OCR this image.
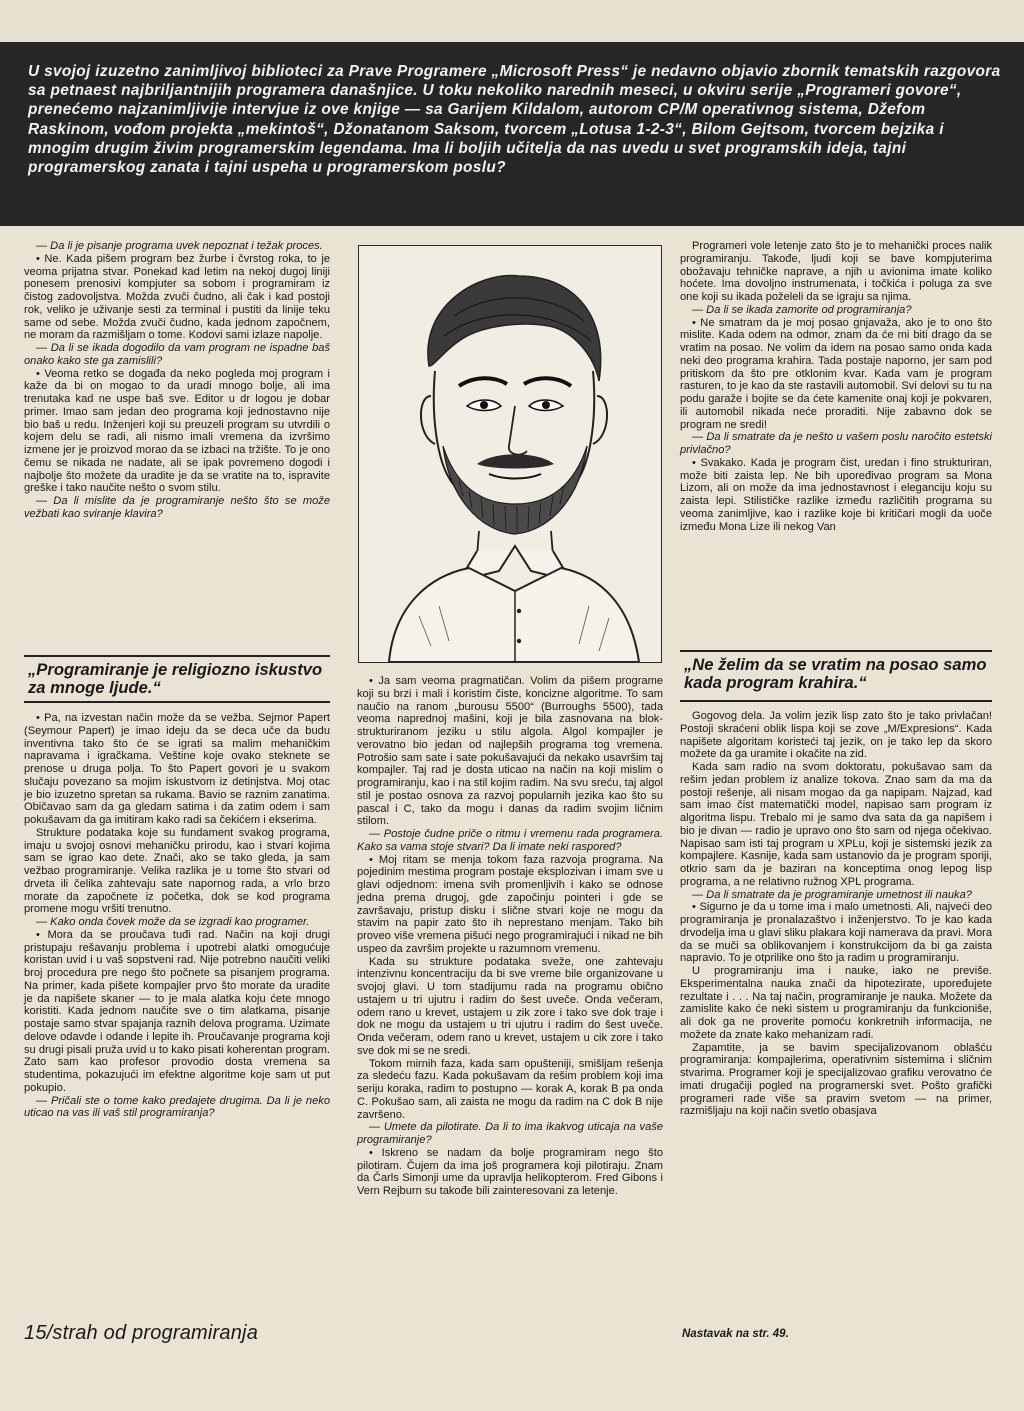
U svojoj izuzetno zanimljivoj biblioteci za Prave Programere „Microsoft Press“ je nedavno objavio zbornik tematskih razgovora sa petnaest najbriljantnijih programera današnjice. U toku nekoliko narednih meseci, u okviru serije „Programeri govore“, prenećemo najzanimljivije intervjue iz ove knjige — sa Garijem Kildalom, autorom CP/M operativnog sistema, Džefom Raskinom, vođom projekta „mekintoš“, Džonatanom Saksom, tvorcem „Lotusa 1-2-3“, Bilom Gejtsom, tvorcem bejzika i mnogim drugim živim programerskim legendama. Ima li boljih učitelja da nas uvedu u svet programskih ideja, tajni programerskog zanata i tajni uspeha u programerskom poslu?

— Da li je pisanje programa uvek nepoznat i težak proces.

• Ne. Kada pišem program bez žurbe i čvrstog roka, to je veoma prijatna stvar. Ponekad kad letim na nekoj dugoj liniji ponesem prenosivi kompjuter sa sobom i programiram iz čistog zadovoljstva. Možda zvuči čudno, ali čak i kad postoji rok, veliko je uživanje sesti za terminal i pustiti da linije teku same od sebe. Možda zvuči čudno, kada jednom započnem, ne moram da razmišljam o tome. Kodovi sami izlaze napolje.

— Da li se ikada dogodilo da vam program ne ispadne baš onako kako ste ga zamislili?

• Veoma retko se događa da neko pogleda moj program i kaže da bi on mogao to da uradi mnogo bolje, ali ima trenutaka kad ne uspe baš sve. Editor u dr logou je dobar primer. Imao sam jedan deo programa koji jednostavno nije bio baš u redu. Inženjeri koji su preuzeli program su utvrdili o kojem delu se radi, ali nismo imali vremena da izvršimo izmene jer je proizvod morao da se izbaci na tržište. To je ono čemu se nikada ne nadate, ali se ipak povremeno dogodi i najbolje što možete da uradite je da se vratite na to, ispravite greške i tako naučite nešto o svom stilu.

— Da li mislite da je programiranje nešto što se može vežbati kao sviranje klavira?

„Programiranje je religiozno iskustvo za mnoge ljude.“

• Pa, na izvestan način može da se vežba. Sejmor Papert (Seymour Papert) je imao ideju da se deca uče da budu inventivna tako što će se igrati sa malim mehaničkim napravama i igračkama. Veštine koje ovako steknete se prenose u druga polja. To što Papert govori je u svakom slučaju povezano sa mojim iskustvom iz detinjstva. Moj otac je bio izuzetno spretan sa rukama. Bavio se raznim zanatima. Običavao sam da ga gledam satima i da zatim odem i sam pokušavam da ga imitiram kako radi sa čekićem i ekserima.

Strukture podataka koje su fundament svakog programa, imaju u svojoj osnovi mehaničku prirodu, kao i stvari kojima sam se igrao kao dete. Znači, ako se tako gleda, ja sam vežbao programiranje. Velika razlika je u tome što stvari od drveta ili čelika zahtevaju sate napornog rada, a vrlo brzo morate da započnete iz početka, dok se kod programa promene mogu vršiti trenutno.

— Kako onda čovek može da se izgradi kao programer.

• Mora da se proučava tuđi rad. Način na koji drugi pristupaju rešavanju problema i upotrebi alatki omogućuje koristan uvid i u vaš sopstveni rad. Nije potrebno naučiti veliki broj procedura pre nego što počnete sa pisanjem programa. Na primer, kada pišete kompajler prvo što morate da uradite je da napišete skaner — to je mala alatka koju ćete mnogo koristiti. Kada jednom naučite sve o tim alatkama, pisanje postaje samo stvar spajanja raznih delova programa. Uzimate delove odavde i odande i lepite ih. Proučavanje programa koji su drugi pisali pruža uvid u to kako pisati koherentan program. Zato sam kao profesor provodio dosta vremena sa studentima, pokazujući im efektne algoritme koje sam ut put pokupio.

— Pričali ste o tome kako predajete drugima. Da li je neko uticao na vas ili vaš stil programiranja?

• Ja sam veoma pragmatičan. Volim da pišem programe koji su brzi i mali i koristim čiste, koncizne algoritme. To sam naučio na ranom „burousu 5500“ (Burroughs 5500), tada veoma naprednoj mašini, koji je bila zasnovana na blok-strukturiranom jeziku u stilu algola. Algol kompajler je verovatno bio jedan od najlepših programa tog vremena. Potrošio sam sate i sate pokušavajući da nekako usavršim taj kompajler. Taj rad je dosta uticao na način na koji mislim o programiranju, kao i na stil kojim radim. Na svu sreću, taj algol stil je postao osnova za razvoj popularnih jezika kao što su pascal i C, tako da mogu i danas da radim svojim ličnim stilom.

— Postoje čudne priče o ritmu i vremenu rada programera. Kako sa vama stoje stvari? Da li imate neki raspored?

• Moj ritam se menja tokom faza razvoja programa. Na pojedinim mestima program postaje eksplozivan i imam sve u glavi odjednom: imena svih promenljivih i kako se odnose jedna prema drugoj, gde započinju pointeri i gde se završavaju, pristup disku i slične stvari koje ne mogu da stavim na papir zato što ih neprestano menjam. Tako bih proveo više vremena pišući nego programirajući i nikad ne bih uspeo da završim projekte u razumnom vremenu.

Kada su strukture podataka sveže, one zahtevaju intenzivnu koncentraciju da bi sve vreme bile organizovane u svojoj glavi. U tom stadijumu rada na programu obično ustajem u tri ujutru i radim do šest uveče. Onda večeram, odem rano u krevet, ustajem u zik zore i tako sve dok traje i dok ne mogu da ustajem u tri ujutru i radim do šest uveče. Onda večeram, odem rano u krevet, ustajem u cik zore i tako sve dok mi se ne sredi.

Tokom mirnih faza, kada sam opušteniji, smišljam rešenja za sledeću fazu. Kada pokušavam da rešim problem koji ima seriju koraka, radim to postupno — korak A, korak B pa onda C. Pokušao sam, ali zaista ne mogu da radim na C dok B nije završeno.

— Umete da pilotirate. Da li to ima ikakvog uticaja na vaše programiranje?

• Iskreno se nadam da bolje programiram nego što pilotiram. Čujem da ima još programera koji pilotiraju. Znam da Čarls Simonji ume da upravlja helikopterom. Fred Gibons i Vern Rejburn su takođe bili zainteresovani za letenje.

Programeri vole letenje zato što je to mehanički proces nalik programiranju. Takođe, ljudi koji se bave kompjuterima obožavaju tehničke naprave, a njih u avionima imate koliko hoćete. Ima dovoljno instrumenata, i točkića i poluga za sve one koji su ikada poželeli da se igraju sa njima.

— Da li se ikada zamorite od programiranja?

• Ne smatram da je moj posao gnjavaža, ako je to ono što mislite. Kada odem na odmor, znam da će mi biti drago da se vratim na posao. Ne volim da idem na posao samo onda kada neki deo programa krahira. Tada postaje naporno, jer sam pod pritiskom da što pre otklonim kvar. Kada vam je program rasturen, to je kao da ste rastavili automobil. Svi delovi su tu na podu garaže i bojite se da ćete kamenite onaj koji je pokvaren, ili automobil nikada neće proraditi. Nije zabavno dok se program ne sredi!

— Da li smatrate da je nešto u vašem poslu naročito estetski privlačno?

• Svakako. Kada je program čist, uredan i fino strukturiran, može biti zaista lep. Ne bih upoređivao program sa Mona Lizom, ali on može da ima jednostavnost i eleganciju koju su zaista lepi. Stilističke razlike između različitih programa su veoma zanimljive, kao i razlike koje bi kritičari mogli da uoče između Mona Lize ili nekog Van

„Ne želim da se vratim na posao samo kada program krahira.“

Gogovog dela. Ja volim jezik lisp zato što je tako privlačan! Postoji skraćeni oblik lispa koji se zove „M/Expresions“. Kada napišete algoritam koristeći taj jezik, on je tako lep da skoro možete da ga uramite i okačite na zid.

Kada sam radio na svom doktoratu, pokušavao sam da rešim jedan problem iz analize tokova. Znao sam da ma da postoji rešenje, ali nisam mogao da ga napipam. Najzad, kad sam imao čist matematički model, napisao sam program iz algoritma lispu. Trebalo mi je samo dva sata da ga napišem i bio je divan — radio je upravo ono što sam od njega očekivao. Napisao sam isti taj program u XPLu, koji je sistemski jezik za kompajlere. Kasnije, kada sam ustanovio da je program sporiji, otkrio sam da je baziran na konceptima onog lepog lisp programa, a ne relativno ružnog XPL programa.

— Da li smatrate da je programiranje umetnost ili nauka?

• Sigurno je da u tome ima i malo umetnosti. Ali, najveći deo programiranja je pronalazaštvo i inženjerstvo. To je kao kada drvodelja ima u glavi sliku plakara koji namerava da pravi. Mora da se muči sa oblikovanjem i konstrukcijom da bi ga zaista napravio. To je otprilike ono što ja radim u programiranju.

U programiranju ima i nauke, iako ne previše. Eksperimentalna nauka znači da hipotezirate, upoređujete rezultate i . . . Na taj način, programiranje je nauka. Možete da zamislite kako će neki sistem u programiranju da funkcioniše, ali dok ga ne proverite pomoću konkretnih informacija, ne možete da znate kako mehanizam radi.

Zapamtite, ja se bavim specijalizovanom oblašću programiranja: kompajlerima, operativnim sistemima i sličnim stvarima. Programer koji je specijalizovao grafiku verovatno će imati drugačiji pogled na programerski svet. Pošto grafički programeri rade više sa pravim svetom — na primer, razmišljaju na koji način svetlo obasjava

15/strah od programiranja	Nastavak na str. 49.
